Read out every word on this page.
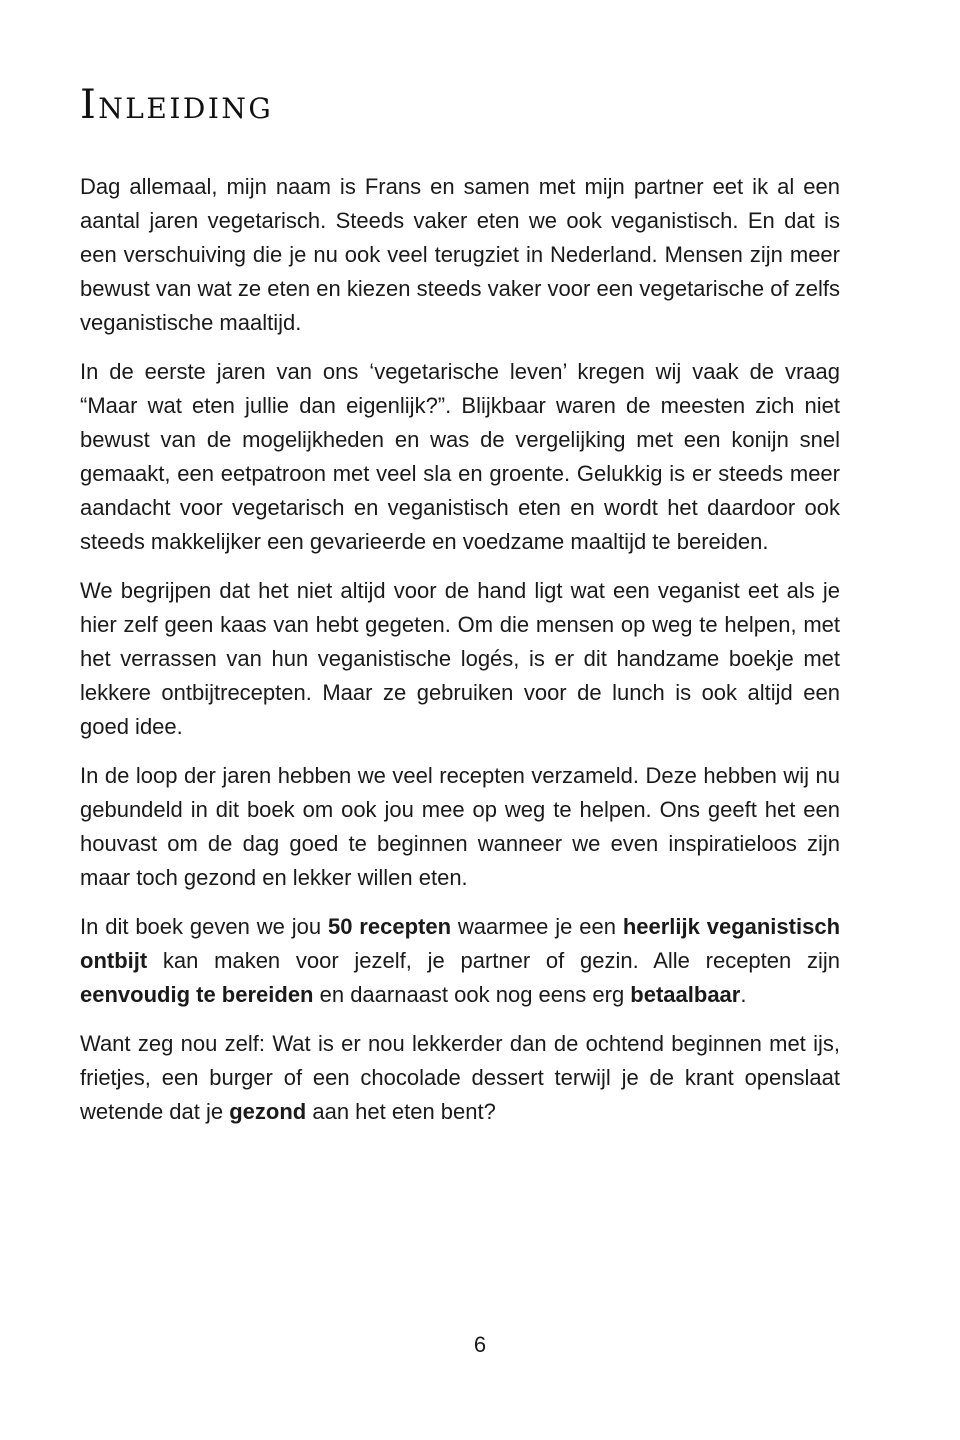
Inleiding

Dag allemaal, mijn naam is Frans en samen met mijn partner eet ik al een aantal jaren vegetarisch. Steeds vaker eten we ook veganistisch. En dat is een verschuiving die je nu ook veel terugziet in Nederland. Mensen zijn meer bewust van wat ze eten en kiezen steeds vaker voor een vegetarische of zelfs veganistische maaltijd.

In de eerste jaren van ons ‘vegetarische leven’ kregen wij vaak de vraag “Maar wat eten jullie dan eigenlijk?”. Blijkbaar waren de meesten zich niet bewust van de mogelijkheden en was de vergelijking met een konijn snel gemaakt, een eetpatroon met veel sla en groente. Gelukkig is er steeds meer aandacht voor vegetarisch en veganistisch eten en wordt het daardoor ook steeds makkelijker een gevarieerde en voedzame maaltijd te bereiden.

We begrijpen dat het niet altijd voor de hand ligt wat een veganist eet als je hier zelf geen kaas van hebt gegeten. Om die mensen op weg te helpen, met het verrassen van hun veganistische logés, is er dit handzame boekje met lekkere ontbijtrecepten. Maar ze gebruiken voor de lunch is ook altijd een goed idee.

In de loop der jaren hebben we veel recepten verzameld. Deze hebben wij nu gebundeld in dit boek om ook jou mee op weg te helpen. Ons geeft het een houvast om de dag goed te beginnen wanneer we even inspiratieloos zijn maar toch gezond en lekker willen eten.

In dit boek geven we jou 50 recepten waarmee je een heerlijk veganistisch ontbijt kan maken voor jezelf, je partner of gezin. Alle recepten zijn eenvoudig te bereiden en daarnaast ook nog eens erg betaalbaar.

Want zeg nou zelf: Wat is er nou lekkerder dan de ochtend beginnen met ijs, frietjes, een burger of een chocolade dessert terwijl je de krant openslaat wetende dat je gezond aan het eten bent?

6
